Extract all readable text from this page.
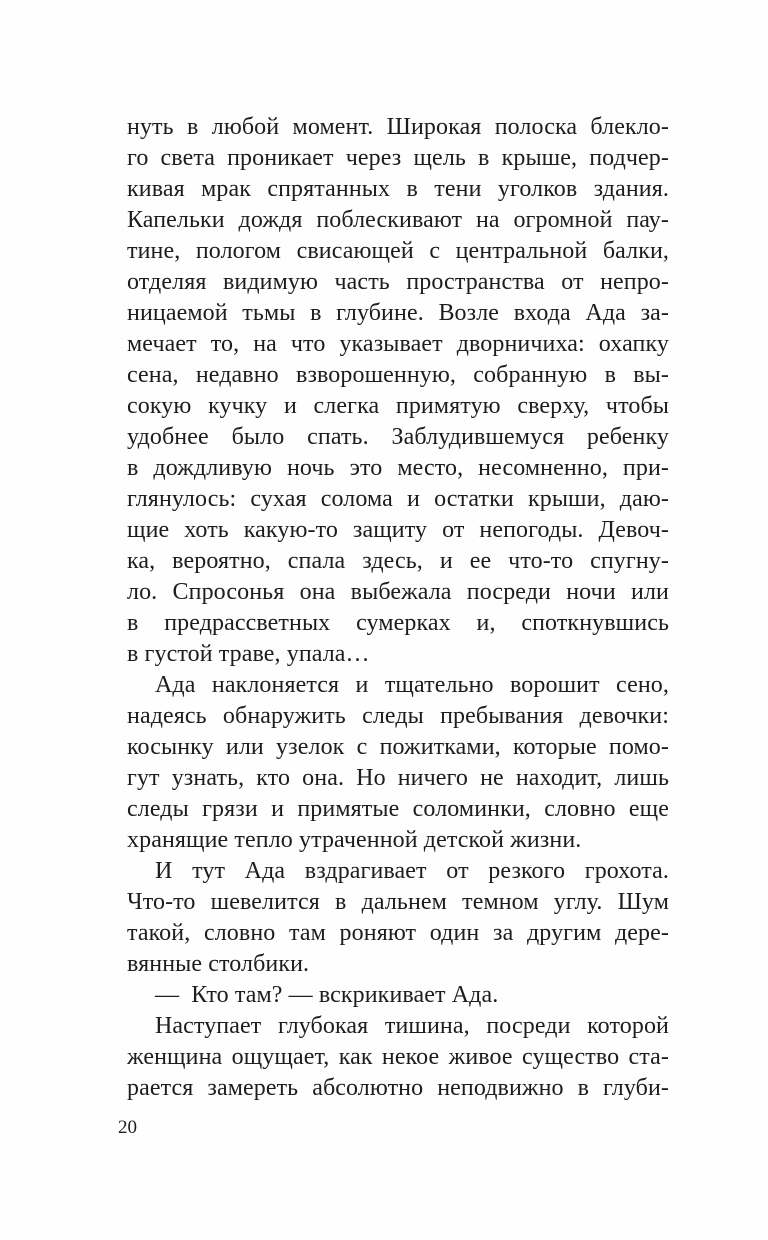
нуть в любой момент. Широкая полоска блекло-
го света проникает через щель в крыше, подчер-
кивая мрак спрятанных в тени уголков здания.
Капельки дождя поблескивают на огромной пау-
тине, пологом свисающей с центральной балки,
отделяя видимую часть пространства от непро-
ницаемой тьмы в глубине. Возле входа Ада за-
мечает то, на что указывает дворничиха: охапку
сена, недавно взворошенную, собранную в вы-
сокую кучку и слегка примятую сверху, чтобы
удобнее было спать. Заблудившемуся ребенку
в дождливую ночь это место, несомненно, при-
глянулось: сухая солома и остатки крыши, даю-
щие хоть какую-то защиту от непогоды. Девоч-
ка, вероятно, спала здесь, и ее что-то спугну-
ло. Спросонья она выбежала посреди ночи или
в предрассветных сумерках и, споткнувшись
в густой траве, упала…
Ада наклоняется и тщательно ворошит сено,
надеясь обнаружить следы пребывания девочки:
косынку или узелок с пожитками, которые помо-
гут узнать, кто она. Но ничего не находит, лишь
следы грязи и примятые соломинки, словно еще
хранящие тепло утраченной детской жизни.
И тут Ада вздрагивает от резкого грохота.
Что-то шевелится в дальнем темном углу. Шум
такой, словно там роняют один за другим дере-
вянные столбики.
— Кто там? — вскрикивает Ада.
Наступает глубокая тишина, посреди которой
женщина ощущает, как некое живое существо ста-
рается замереть абсолютно неподвижно в глуби-
20
